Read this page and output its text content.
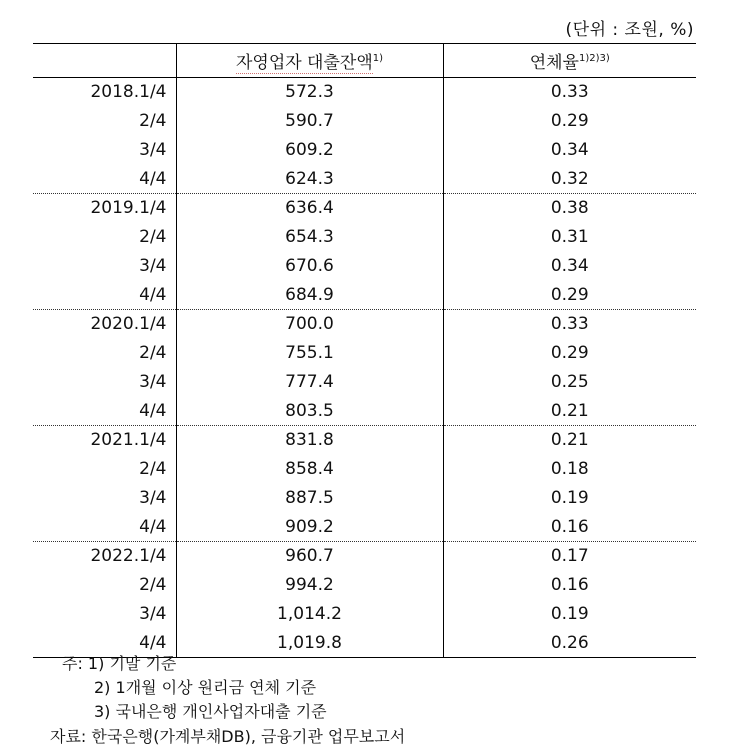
(단위 : 조원, %)
	자영업자 대출잔액$^{1)}$	연체율$^{1)2)3)}$
2018.1/4	572.3	0.33
2/4	590.7	0.29
3/4	609.2	0.34
4/4	624.3	0.32
2019.1/4	636.4	0.38
2/4	654.3	0.31
3/4	670.6	0.34
4/4	684.9	0.29
2020.1/4	700.0	0.33
2/4	755.1	0.29
3/4	777.4	0.25
4/4	803.5	0.21
2021.1/4	831.8	0.21
2/4	858.4	0.18
3/4	887.5	0.19
4/4	909.2	0.16
2022.1/4	960.7	0.17
2/4	994.2	0.16
3/4	1,014.2	0.19
4/4	1,019.8	0.26
주: 1) 기말 기준
2) 1개월 이상 원리금 연체 기준
3) 국내은행 개인사업자대출 기준
자료: 한국은행(가계부채DB), 금융기관 업무보고서
